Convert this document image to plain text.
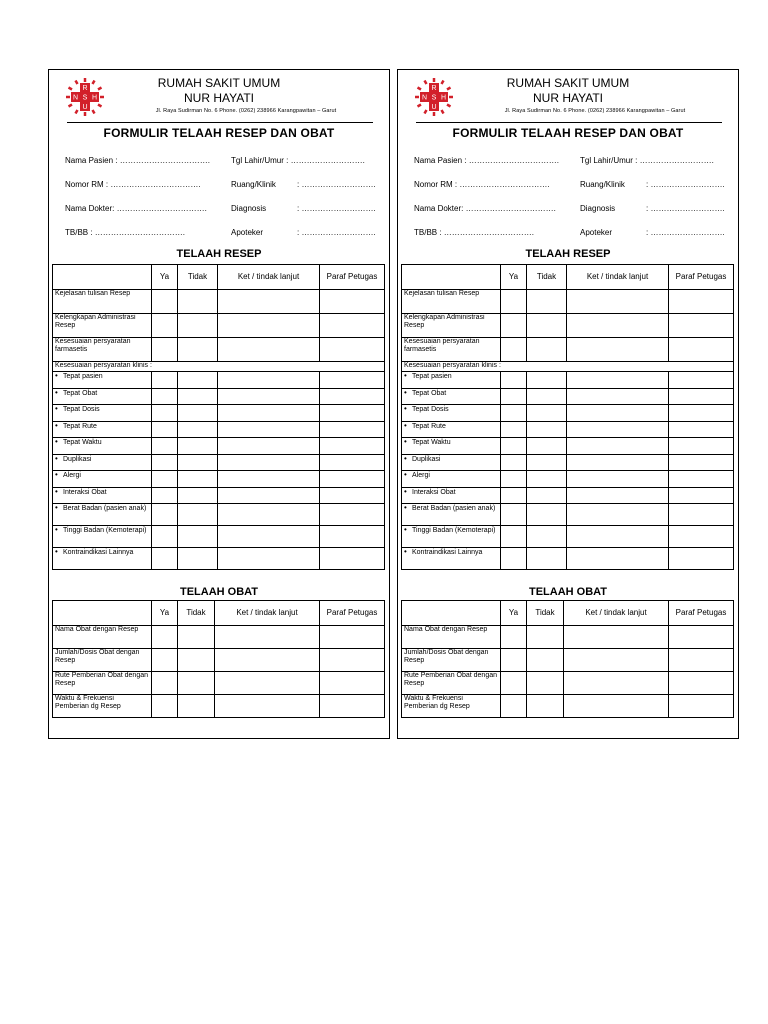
R
N S H
U
RUMAH SAKIT UMUM
NUR HAYATI
Jl. Raya Sudirman No. 6 Phone. (0262) 238966 Karangpawitan – Garut
FORMULIR TELAAH RESEP DAN OBAT
Nama Pasien : …………………………….	Tgl Lahir/Umur : ……………………….
Nomor RM : …………………………….	Ruang/Klinik	: ……………………….
Nama Dokter: …………………………….	Diagnosis	: ……………………….
TB/BB : …………………………….	Apoteker	: ……………………….
TELAAH RESEP
	Ya	Tidak	Ket / tindak lanjut	Paraf Petugas
Kejelasan tulisan Resep				
Kelengkapan Administrasi Resep				
Kesesuaian persyaratan farmasetis				
Kesesuaian persyaratan klinis :				
• Tepat pasien				
• Tepat Obat				
• Tepat Dosis				
• Tepat Rute				
• Tepat Waktu				
• Duplikasi				
• Alergi				
• Interaksi Obat				
• Berat Badan (pasien anak)				
• Tinggi Badan (Kemoterapi)				
• Kontraindikasi Lainnya				
TELAAH OBAT
	Ya	Tidak	Ket / tindak lanjut	Paraf Petugas
Nama Obat dengan Resep				
Jumlah/Dosis Obat dengan Resep				
Rute Pemberian Obat dengan Resep				
Waktu & Frekuensi Pemberian dg Resep				
R
N S H
U
RUMAH SAKIT UMUM
NUR HAYATI
Jl. Raya Sudirman No. 6 Phone. (0262) 238966 Karangpawitan – Garut
FORMULIR TELAAH RESEP DAN OBAT
Nama Pasien : …………………………….	Tgl Lahir/Umur : ……………………….
Nomor RM : …………………………….	Ruang/Klinik	: ……………………….
Nama Dokter: …………………………….	Diagnosis	: ……………………….
TB/BB : …………………………….	Apoteker	: ……………………….
TELAAH RESEP
	Ya	Tidak	Ket / tindak lanjut	Paraf Petugas
Kejelasan tulisan Resep				
Kelengkapan Administrasi Resep				
Kesesuaian persyaratan farmasetis				
Kesesuaian persyaratan klinis :				
• Tepat pasien				
• Tepat Obat				
• Tepat Dosis				
• Tepat Rute				
• Tepat Waktu				
• Duplikasi				
• Alergi				
• Interaksi Obat				
• Berat Badan (pasien anak)				
• Tinggi Badan (Kemoterapi)				
• Kontraindikasi Lainnya				
TELAAH OBAT
	Ya	Tidak	Ket / tindak lanjut	Paraf Petugas
Nama Obat dengan Resep				
Jumlah/Dosis Obat dengan Resep				
Rute Pemberian Obat dengan Resep				
Waktu & Frekuensi Pemberian dg Resep				
